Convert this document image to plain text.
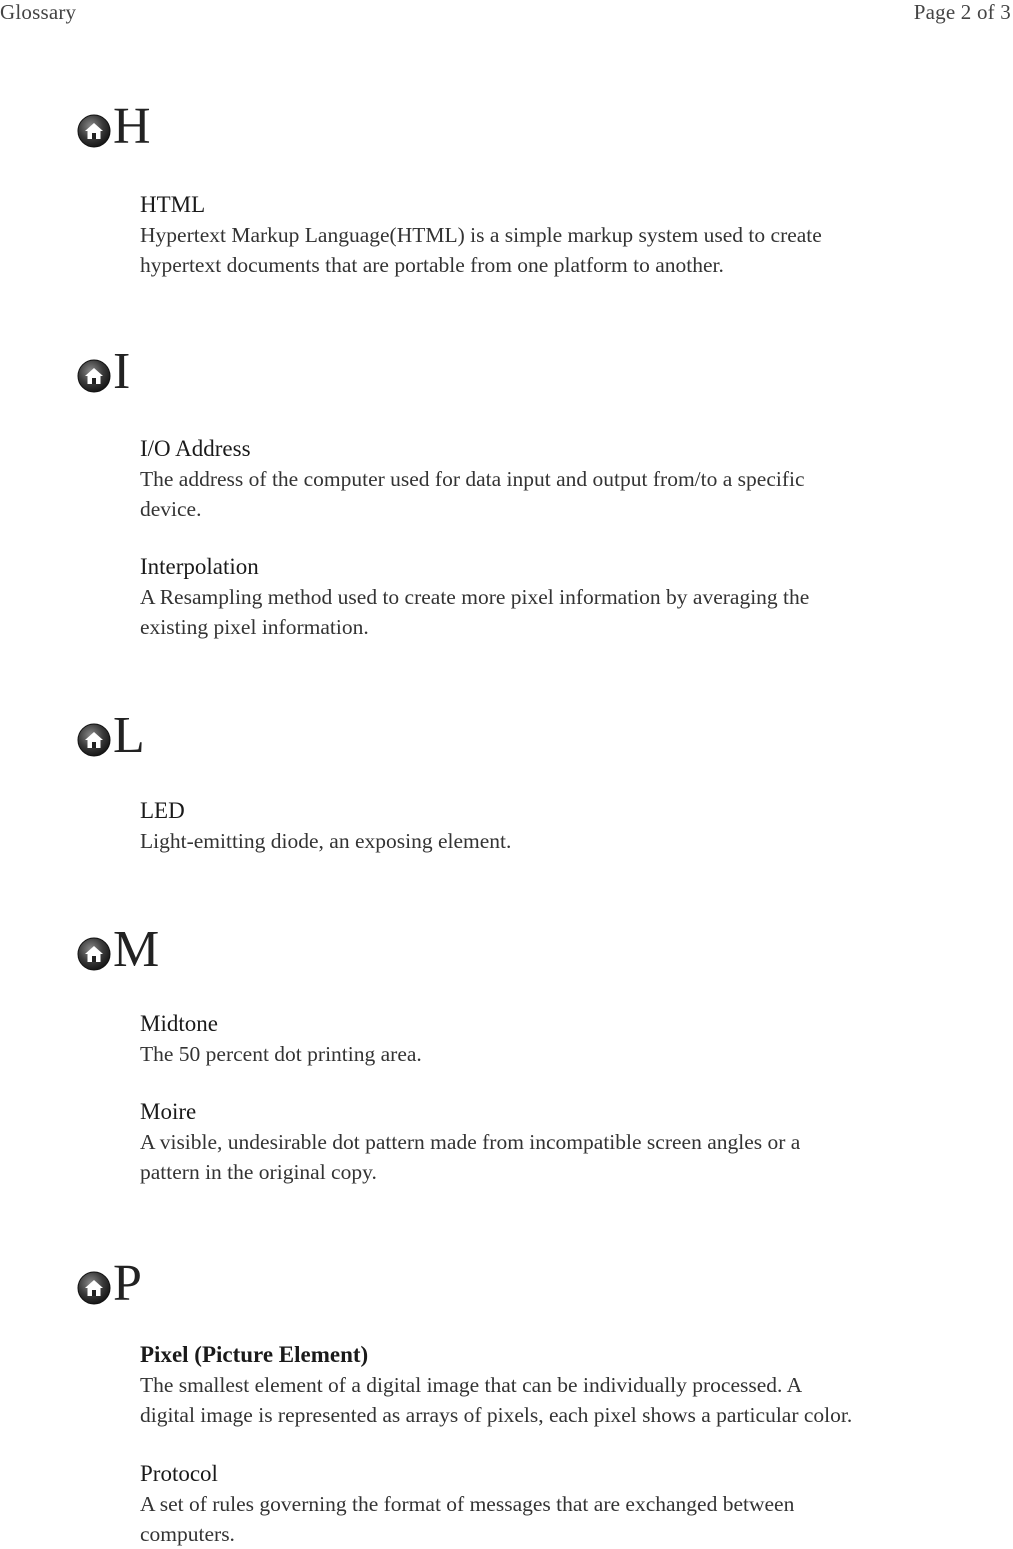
Glossary	Page 2 of 3
H
HTML
Hypertext Markup Language(HTML) is a simple markup system used to create
hypertext documents that are portable from one platform to another.
I
I/O Address
The address of the computer used for data input and output from/to a specific
device.
Interpolation
A Resampling method used to create more pixel information by averaging the
existing pixel information.
L
LED
Light-emitting diode, an exposing element.
M
Midtone
The 50 percent dot printing area.
Moire
A visible, undesirable dot pattern made from incompatible screen angles or a
pattern in the original copy.
P
Pixel (Picture Element)
The smallest element of a digital image that can be individually processed. A
digital image is represented as arrays of pixels, each pixel shows a particular color.
Protocol
A set of rules governing the format of messages that are exchanged between
computers.
